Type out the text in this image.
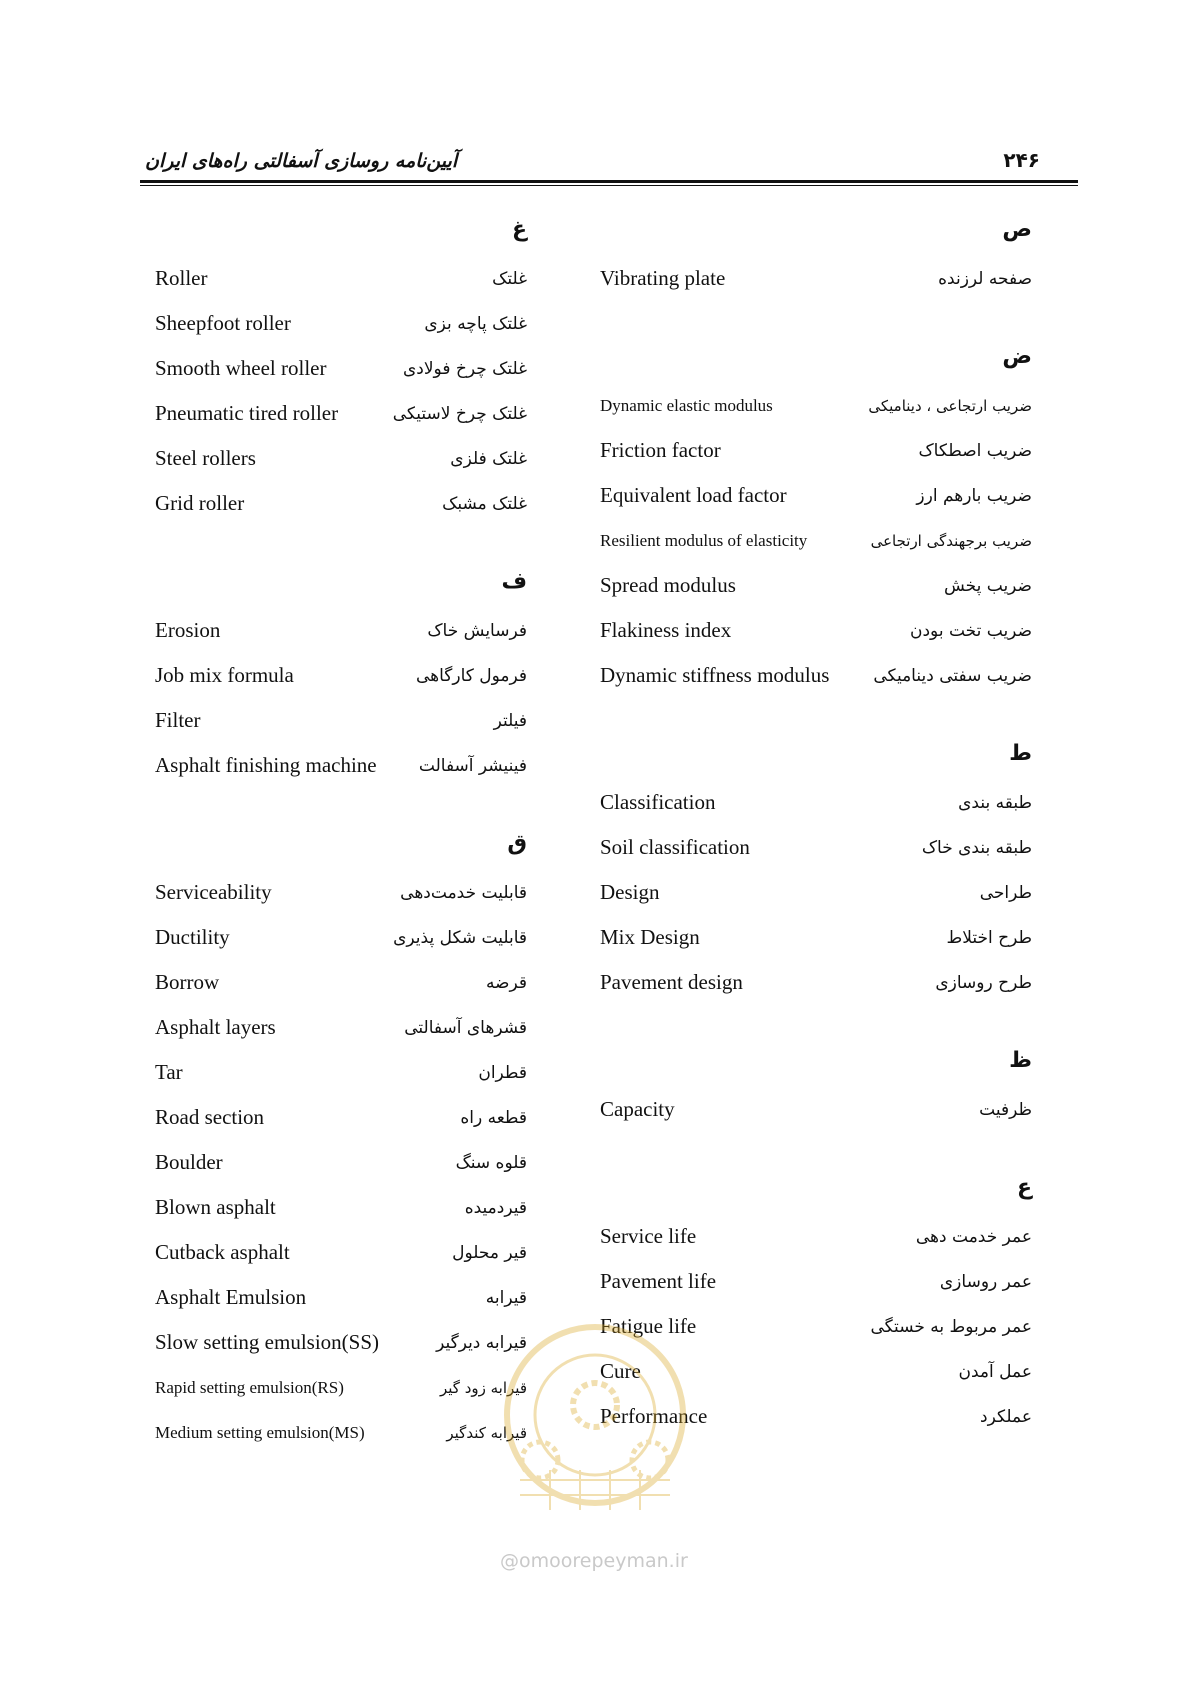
آیین‌نامه روسازی آسفالتی راه‌های ایران	۲۴۶
غ
Roller	غلتک
Sheepfoot roller	غلتک پاچه بزی
Smooth wheel roller	غلتک چرخ فولادی
Pneumatic tired roller	غلتک چرخ لاستیکی
Steel rollers	غلتک فلزی
Grid roller	غلتک مشبک
ف
Erosion	فرسایش خاک
Job mix formula	فرمول کارگاهی
Filter	فیلتر
Asphalt finishing machine فینیشر آسفالت
ق
Serviceability	قابلیت خدمت‌دهی
Ductility	قابلیت شکل پذیری
Borrow	قرضه
Asphalt layers	قشرهای آسفالتی
Tar	قطران
Road section	قطعه راه
Boulder	قلوه سنگ
Blown asphalt	قیردمیده
Cutback asphalt	قیر محلول
Asphalt Emulsion	قیرابه
Slow setting emulsion(SS)	قیرابه دیرگیر
Rapid setting emulsion(RS)	قیرابه زود گیر
Medium setting emulsion(MS)	قیرابه کندگیر
ص
Vibrating plate	صفحه لرزنده
ض
Dynamic elastic modulus	ضریب ارتجاعی ، دینامیکی
Friction factor	ضریب اصطکاک
Equivalent load factor	ضریب بارهم ارز
Resilient modulus of elasticity	ضریب برجهندگی ارتجاعی
Spread modulus	ضریب پخش
Flakiness index	ضریب تخت بودن
Dynamic stiffness modulus	ضریب سفتی دینامیکی
ط
Classification	طبقه بندی
Soil classification	طبقه بندی خاک
Design	طراحی
Mix Design	طرح اختلاط
Pavement design	طرح روسازی
ظ
Capacity	ظرفیت
ع
Service life	عمر خدمت دهی
Pavement life	عمر روسازی
Fatigue life	عمر مربوط به خستگی
Cure	عمل آمدن
Performance	عملکرد
@omoorepeyman.ir
